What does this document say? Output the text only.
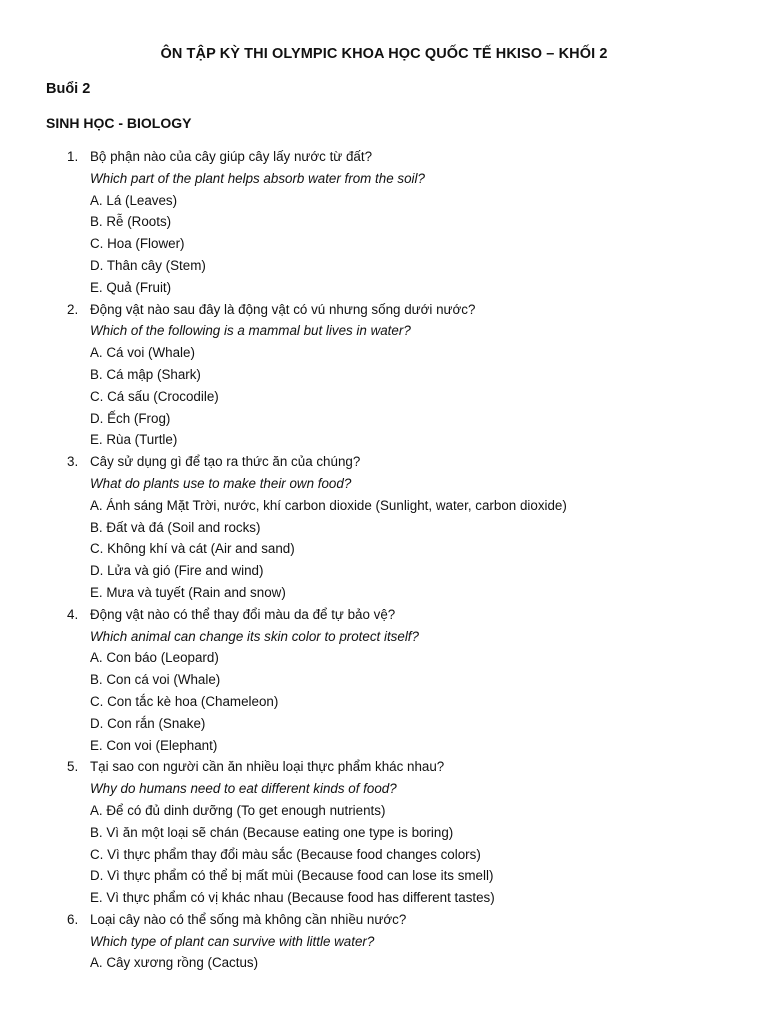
ÔN TẬP KỲ THI OLYMPIC KHOA HỌC QUỐC TẾ HKISO – KHỐI 2
Buổi 2
SINH HỌC - BIOLOGY
1. Bộ phận nào của cây giúp cây lấy nước từ đất?
Which part of the plant helps absorb water from the soil?
A. Lá (Leaves)
B. Rễ (Roots)
C. Hoa (Flower)
D. Thân cây (Stem)
E. Quả (Fruit)
2. Động vật nào sau đây là động vật có vú nhưng sống dưới nước?
Which of the following is a mammal but lives in water?
A. Cá voi (Whale)
B. Cá mập (Shark)
C. Cá sấu (Crocodile)
D. Ếch (Frog)
E. Rùa (Turtle)
3. Cây sử dụng gì để tạo ra thức ăn của chúng?
What do plants use to make their own food?
A. Ánh sáng Mặt Trời, nước, khí carbon dioxide (Sunlight, water, carbon dioxide)
B. Đất và đá (Soil and rocks)
C. Không khí và cát (Air and sand)
D. Lửa và gió (Fire and wind)
E. Mưa và tuyết (Rain and snow)
4. Động vật nào có thể thay đổi màu da để tự bảo vệ?
Which animal can change its skin color to protect itself?
A. Con báo (Leopard)
B. Con cá voi (Whale)
C. Con tắc kè hoa (Chameleon)
D. Con rắn (Snake)
E. Con voi (Elephant)
5. Tại sao con người cần ăn nhiều loại thực phẩm khác nhau?
Why do humans need to eat different kinds of food?
A. Để có đủ dinh dưỡng (To get enough nutrients)
B. Vì ăn một loại sẽ chán (Because eating one type is boring)
C. Vì thực phẩm thay đổi màu sắc (Because food changes colors)
D. Vì thực phẩm có thể bị mất mùi (Because food can lose its smell)
E. Vì thực phẩm có vị khác nhau (Because food has different tastes)
6. Loại cây nào có thể sống mà không cần nhiều nước?
Which type of plant can survive with little water?
A. Cây xương rồng (Cactus)
